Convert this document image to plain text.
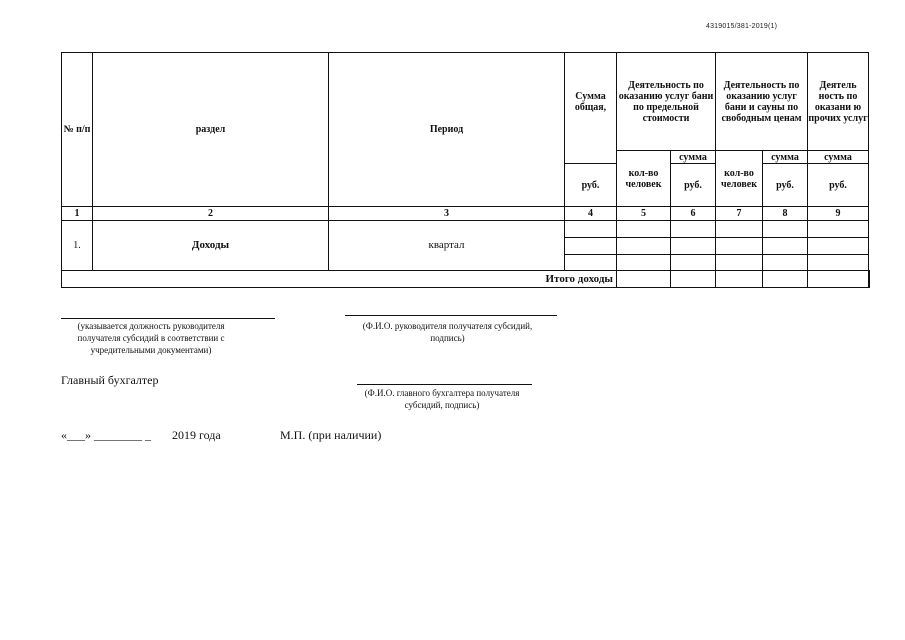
4319015/381-2019(1)
№ п/п	раздел	Период	Сумма общая,	Деятельность по оказанию услуг бани по предельной стоимости		Деятельность по оказанию услуг бани и сауны по свободным ценам		Деятель ность по оказани ю прочих услуг	
				кол-во человек	сумма	кол-во человек	сумма	сумма	
			руб.		руб.		руб.	руб.	
1	2	3	4	5	6	7	8	9	
1.	Доходы	квартал							

Итого доходы									
(указывается должность руководителя получателя субсидий в соответствии с учредительными документами)
(Ф.И.О. руководителя получателя субсидий, подпись)
Главный бухгалтер
(Ф.И.О. главного бухгалтера получателя субсидий, подпись)
«___» ________ _ 2019 года	М.П. (при наличии)
